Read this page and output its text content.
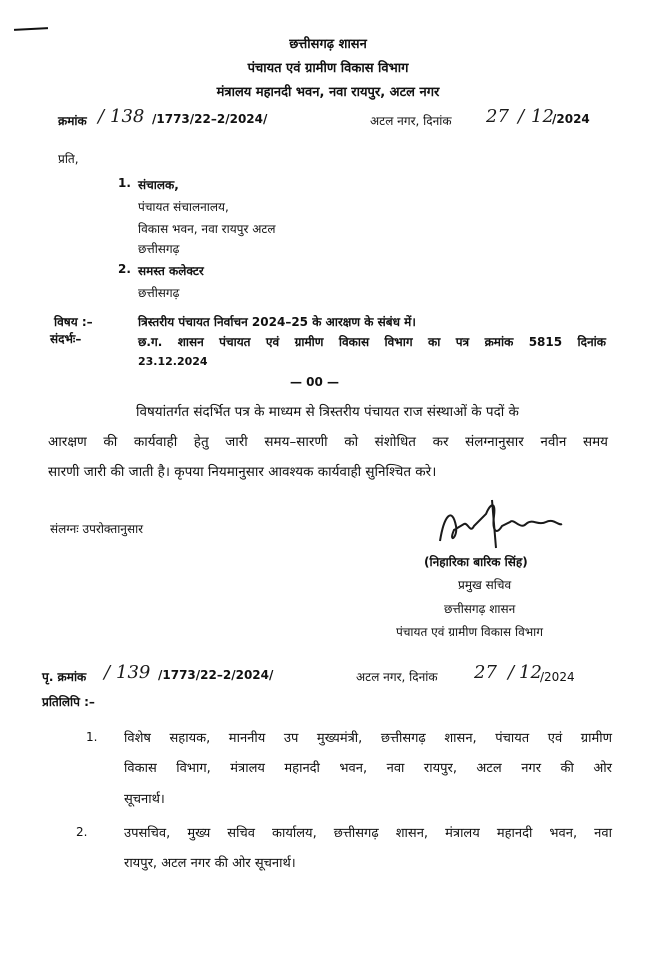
छत्तीसगढ़ शासन
पंचायत एवं ग्रामीण विकास विभाग
मंत्रालय महानदी भवन, नवा रायपुर, अटल नगर
क्रमांक / 138 /1773/22–2/2024/	अटल नगर, दिनांक 27 / 12
/2024
प्रति,
1. संचालक,
पंचायत संचालनालय,
विकास भवन, नवा रायपुर अटल
छत्तीसगढ़
2. समस्त कलेक्टर
छत्तीसगढ़
विषय :–	त्रिस्तरीय पंचायत निर्वाचन 2024–25 के आरक्षण के संबंध में।
संदर्भः–	छ.ग. शासन पंचायत एवं ग्रामीण विकास विभाग का पत्र क्रमांक 5815 दिनांक
23.12.2024
— 00 —
विषयांतर्गत संदर्भित पत्र के माध्यम से त्रिस्तरीय पंचायत राज संस्थाओं के पदों के
आरक्षण की कार्यवाही हेतु जारी समय–सारणी को संशोधित कर संलग्नानुसार नवीन समय
सारणी जारी की जाती है। कृपया नियमानुसार आवश्यक कार्यवाही सुनिश्चित करे।
संलग्नः उपरोक्तानुसार
(निहारिका बारिक सिंह)
प्रमुख सचिव
छत्तीसगढ़ शासन
पंचायत एवं ग्रामीण विकास विभाग
पृ. क्रमांक / 139 /1773/22–2/2024/	अटल नगर, दिनांक 27 / 12
/2024
प्रतिलिपि :–
1. विशेष सहायक, माननीय उप मुख्यमंत्री, छत्तीसगढ़ शासन, पंचायत एवं ग्रामीण
विकास विभाग, मंत्रालय महानदी भवन, नवा रायपुर, अटल नगर की ओर
सूचनार्थ।
2.	उपसचिव, मुख्य सचिव कार्यालय, छत्तीसगढ़ शासन, मंत्रालय महानदी भवन, नवा
रायपुर, अटल नगर की ओर सूचनार्थ।
